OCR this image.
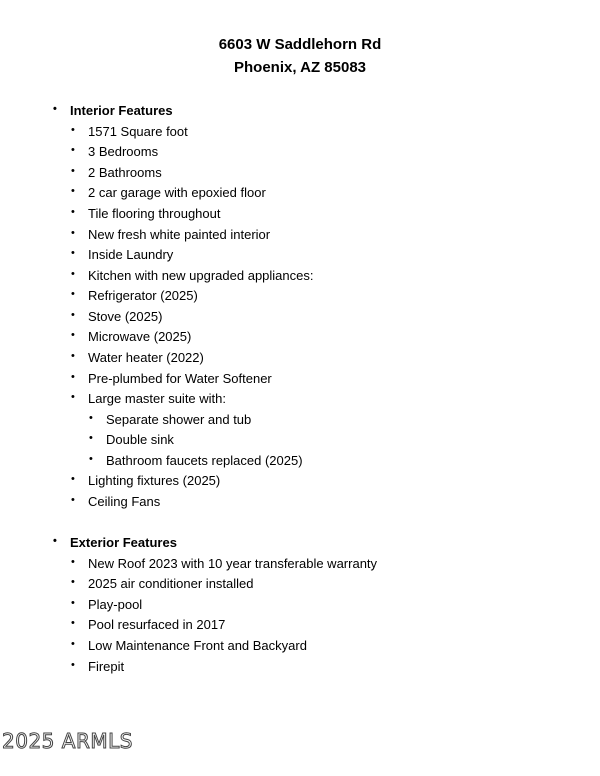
6603 W Saddlehorn Rd
Phoenix, AZ 85083
• Interior Features
• 1571 Square foot
• 3 Bedrooms
• 2 Bathrooms
• 2 car garage with epoxied floor
• Tile flooring throughout
• New fresh white painted interior
• Inside Laundry
• Kitchen with new upgraded appliances:
• Refrigerator (2025)
• Stove (2025)
• Microwave (2025)
• Water heater (2022)
• Pre-plumbed for Water Softener
• Large master suite with:
• Separate shower and tub
• Double sink
• Bathroom faucets replaced (2025)
• Lighting fixtures (2025)
• Ceiling Fans
• Exterior Features
• New Roof 2023 with 10 year transferable warranty
• 2025 air conditioner installed
• Play-pool
• Pool resurfaced in 2017
• Low Maintenance Front and Backyard
• Firepit
2025 ARMLS
